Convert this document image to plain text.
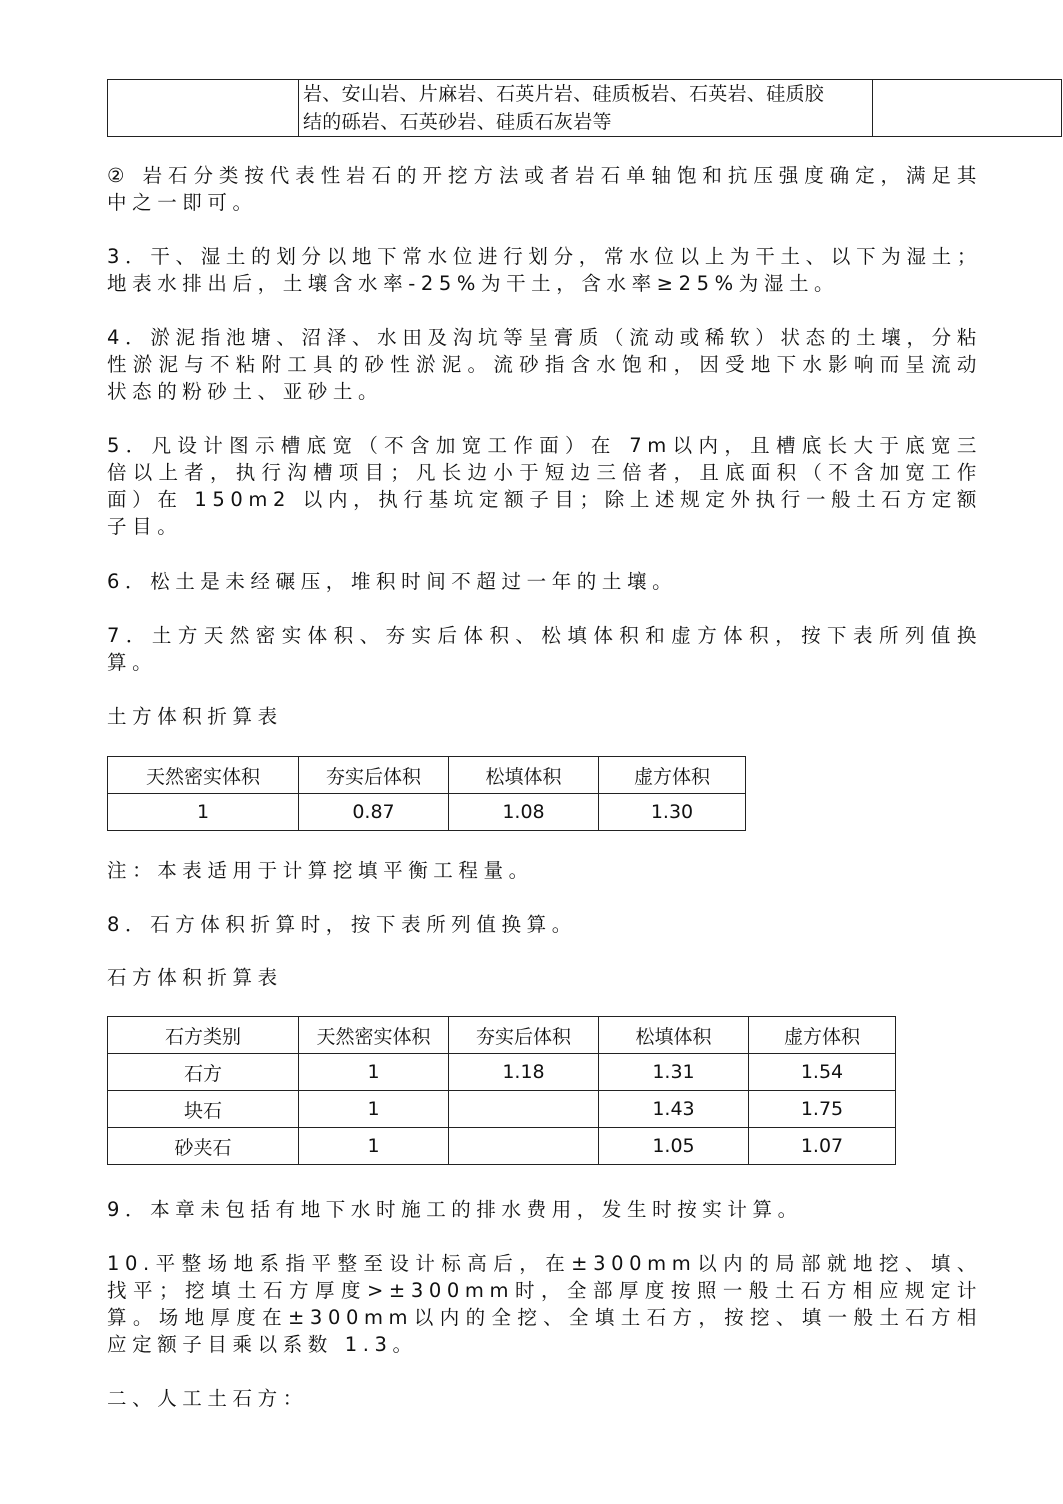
岩、安山岩、片麻岩、石英片岩、硅质板岩、石英岩、硅质胶
结的砾岩、石英砂岩、硅质石灰岩等

② 岩石分类按代表性岩石的开挖方法或者岩石单轴饱和抗压强度确定，满足其中之一即可。

3．干、湿土的划分以地下常水位进行划分，常水位以上为干土、以下为湿土；地表水排出后，土壤含水率-25%为干土，含水率≥25%为湿土。

4．淤泥指池塘、沼泽、水田及沟坑等呈膏质（流动或稀软）状态的土壤，分粘性淤泥与不粘附工具的砂性淤泥。流砂指含水饱和，因受地下水影响而呈流动状态的粉砂土、亚砂土。

5．凡设计图示槽底宽（不含加宽工作面）在 7m以内，且槽底长大于底宽三倍以上者，执行沟槽项目；凡长边小于短边三倍者，且底面积（不含加宽工作面）在 150m2 以内，执行基坑定额子目；除上述规定外执行一般土石方定额子目。

6．松土是未经碾压，堆积时间不超过一年的土壤。

7．土方天然密实体积、夯实后体积、松填体积和虚方体积，按下表所列值换算。

土方体积折算表

天然密实体积	夯实后体积	松填体积	虚方体积
1	0.87	1.08	1.30

注：本表适用于计算挖填平衡工程量。

8．石方体积折算时，按下表所列值换算。

石方体积折算表

石方类别	天然密实体积	夯实后体积	松填体积	虚方体积
石方	1	1.18	1.31	1.54
块石	1		1.43	1.75
砂夹石	1		1.05	1.07

9．本章未包括有地下水时施工的排水费用，发生时按实计算。

10.平整场地系指平整至设计标高后，在±300mm以内的局部就地挖、填、找平；挖填土石方厚度>±300mm时，全部厚度按照一般土石方相应规定计算。场地厚度在±300mm以内的全挖、全填土石方，按挖、填一般土石方相应定额子目乘以系数 1.3。

二、人工土石方：
